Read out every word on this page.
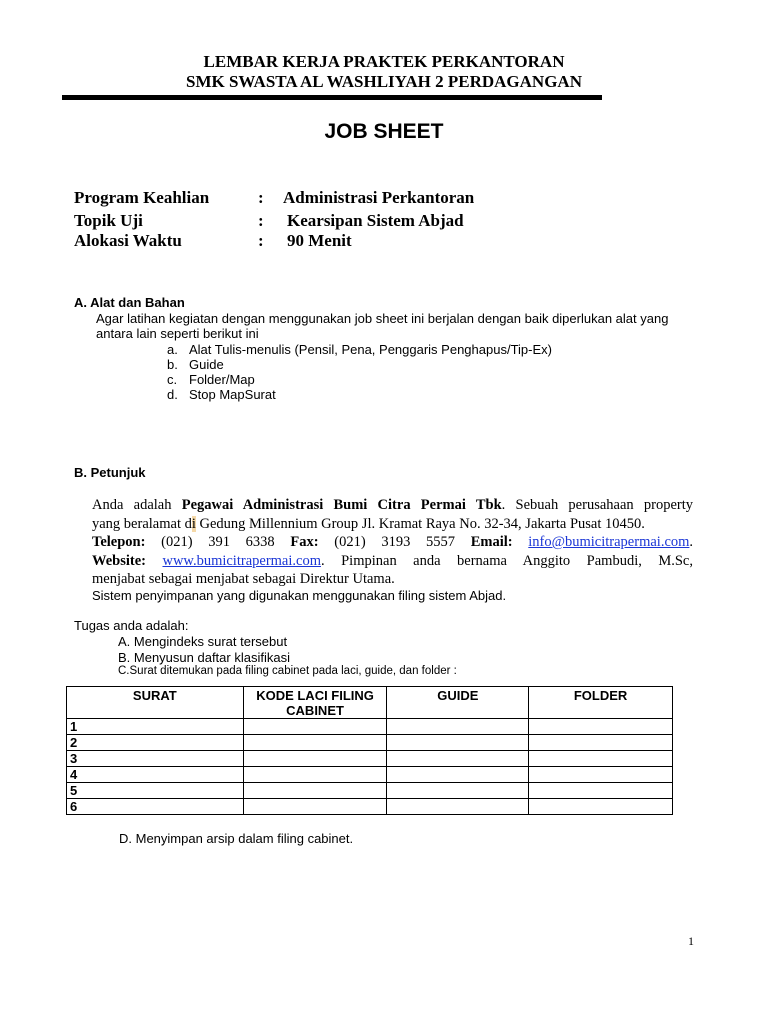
LEMBAR KERJA PRAKTEK PERKANTORAN
SMK SWASTA AL WASHLIYAH 2 PERDAGANGAN
JOB SHEET
Program Keahlian	: Administrasi Perkantoran
Topik Uji	: Kearsipan Sistem Abjad
Alokasi Waktu	: 90 Menit
A. Alat dan Bahan
Agar latihan kegiatan dengan menggunakan job sheet ini berjalan dengan baik diperlukan alat yang antara lain seperti berikut ini
a. Alat Tulis-menulis (Pensil, Pena, Penggaris Penghapus/Tip-Ex)
b. Guide
c. Folder/Map
d. Stop MapSurat
B. Petunjuk
Anda adalah Pegawai Administrasi Bumi Citra Permai Tbk. Sebuah perusahaan property
yang beralamat di Gedung Millennium Group Jl. Kramat Raya No. 32-34, Jakarta Pusat 10450.
Telepon: (021) 391 6338 Fax: (021) 3193 5557 Email: info@bumicitrapermai.com.
Website: www.bumicitrapermai.com. Pimpinan anda bernama Anggito Pambudi, M.Sc,
menjabat sebagai menjabat sebagai Direktur Utama.
Sistem penyimpanan yang digunakan menggunakan filing sistem Abjad.
Tugas anda adalah:
A. Mengindeks surat tersebut
B. Menyusun daftar klasifikasi
C.Surat ditemukan pada filing cabinet pada laci, guide, dan folder :
SURAT	KODE LACI FILING CABINET	GUIDE	FOLDER
1			
2			
3			
4			
5			
6			
D. Menyimpan arsip dalam filing cabinet.
1
